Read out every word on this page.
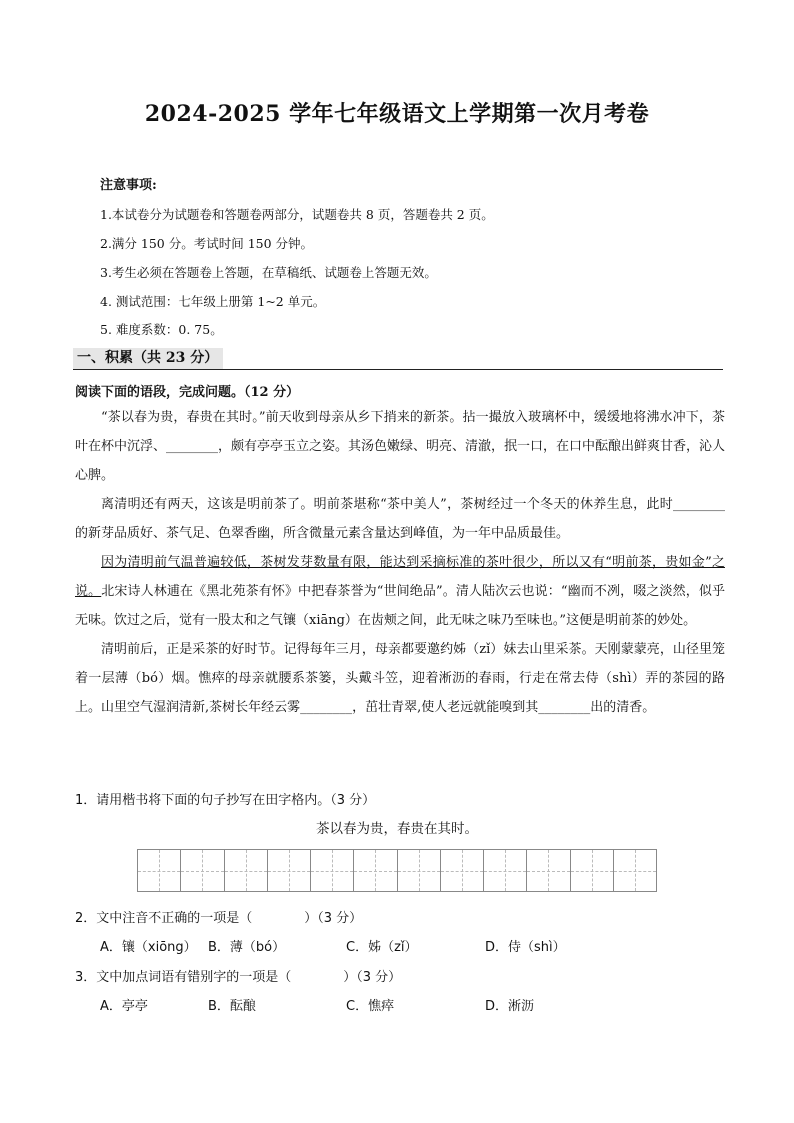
2024-2025 学年七年级语文上学期第一次月考卷
注意事项:
1.本试卷分为试题卷和答题卷两部分，试题卷共 8 页，答题卷共 2 页。
2.满分 150 分。考试时间 150 分钟。
3.考生必须在答题卷上答题，在草稿纸、试题卷上答题无效。
4. 测试范围：七年级上册第 1~2 单元。
5. 难度系数：0. 75。
一、积累（共 23 分）
阅读下面的语段，完成问题。（12 分）

“茶以春为贵，春贵在其时。”前天收到母亲从乡下捎来的新茶。拈一撮放入玻璃杯中，缓缓地将沸水冲下，茶叶在杯中沉浮、________，颇有亭亭玉立之姿。其汤色嫩绿、明亮、清澈，抿一口，在口中酝酿出鲜爽甘香，沁人心脾。

离清明还有两天，这该是明前茶了。明前茶堪称“茶中美人”，茶树经过一个冬天的休养生息，此时________的新芽品质好、茶气足、色翠香幽，所含微量元素含量达到峰值，为一年中品质最佳。

因为清明前气温普遍较低，茶树发芽数量有限，能达到采摘标准的茶叶很少，所以又有“明前茶，贵如金”之说。北宋诗人林逋在《黑北苑茶有怀》中把春茶誉为“世间绝品”。清人陆次云也说：“幽而不冽，啜之淡然，似乎无味。饮过之后，觉有一股太和之气镶（xiāng）在齿颊之间，此无味之味乃至味也。”这便是明前茶的妙处。

清明前后，正是采茶的好时节。记得每年三月，母亲都要邀约姊（zǐ）妹去山里采茶。天刚蒙蒙亮，山径里笼着一层薄（bó）烟。憔瘁的母亲就腰系茶篓，头戴斗笠，迎着淅沥的春雨，行走在常去侍（shì）弄的茶园的路上。山里空气湿润清新,茶树长年经云雾________，茁壮青翠,使人老远就能嗅到其________出的清香。

1．请用楷书将下面的句子抄写在田字格内。（3 分）
茶以春为贵，春贵在其时。
2．文中注音不正确的一项是（　　　　）（3 分）
A．镶（xiōng） B．薄（bó）	C．姊（zǐ）	D．侍（shì）
3．文中加点词语有错别字的一项是（　　　　）（3 分）
A．亭亭	B．酝酿	C．憔瘁	D．淅沥
